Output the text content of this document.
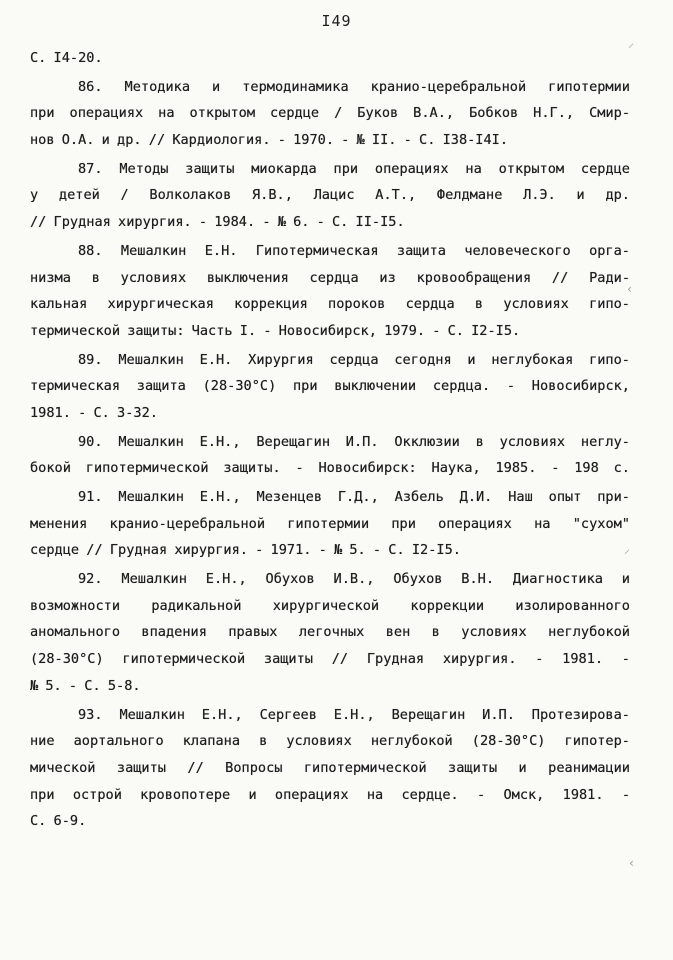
I49
С. I4-20.
86. Методика и термодинамика кранио-церебральной гипотермии
при операциях на открытом сердце / Буков В.А., Бобков Н.Г., Смир-
нов О.А. и др. // Кардиология. - 1970. - № II. - С. I38-I4I.
87. Методы защиты миокарда при операциях на открытом сердце
у детей / Волколаков Я.В., Лацис А.Т., Фелдмане Л.Э. и др.
// Грудная хирургия. - 1984. - № 6. - С. II-I5.
88. Мешалкин Е.Н. Гипотермическая защита человеческого орга-
низма в условиях выключения сердца из кровообращения // Ради-
кальная хирургическая коррекция пороков сердца в условиях гипо-
термической защиты: Часть I. - Новосибирск, 1979. - С. I2-I5.
89. Мешалкин Е.Н. Хирургия сердца сегодня и неглубокая гипо-
термическая защита (28-30°С) при выключении сердца. - Новосибирск,
1981. - С. 3-32.
90. Мешалкин Е.Н., Верещагин И.П. Окклюзии в условиях неглу-
бокой гипотермической защиты. - Новосибирск: Наука, 1985. - 198 с.
91. Мешалкин Е.Н., Мезенцев Г.Д., Азбель Д.И. Наш опыт при-
менения кранио-церебральной гипотермии при операциях на "сухом"
сердце // Грудная хирургия. - 1971. - № 5. - С. I2-I5.
92. Мешалкин Е.Н., Обухов И.В., Обухов В.Н. Диагностика и
возможности радикальной хирургической коррекции изолированного
аномального впадения правых легочных вен в условиях неглубокой
(28-30°С) гипотермической защиты // Грудная хирургия. - 1981. -
№ 5. - С. 5-8.
93. Мешалкин Е.Н., Сергеев Е.Н., Верещагин И.П. Протезирова-
ние аортального клапана в условиях неглубокой (28-30°С) гипотер-
мической защиты // Вопросы гипотермической защиты и реанимации
при острой кровопотере и операциях на сердце. - Омск, 1981. -
С. 6-9.
⸝
‹
⸝
‹
